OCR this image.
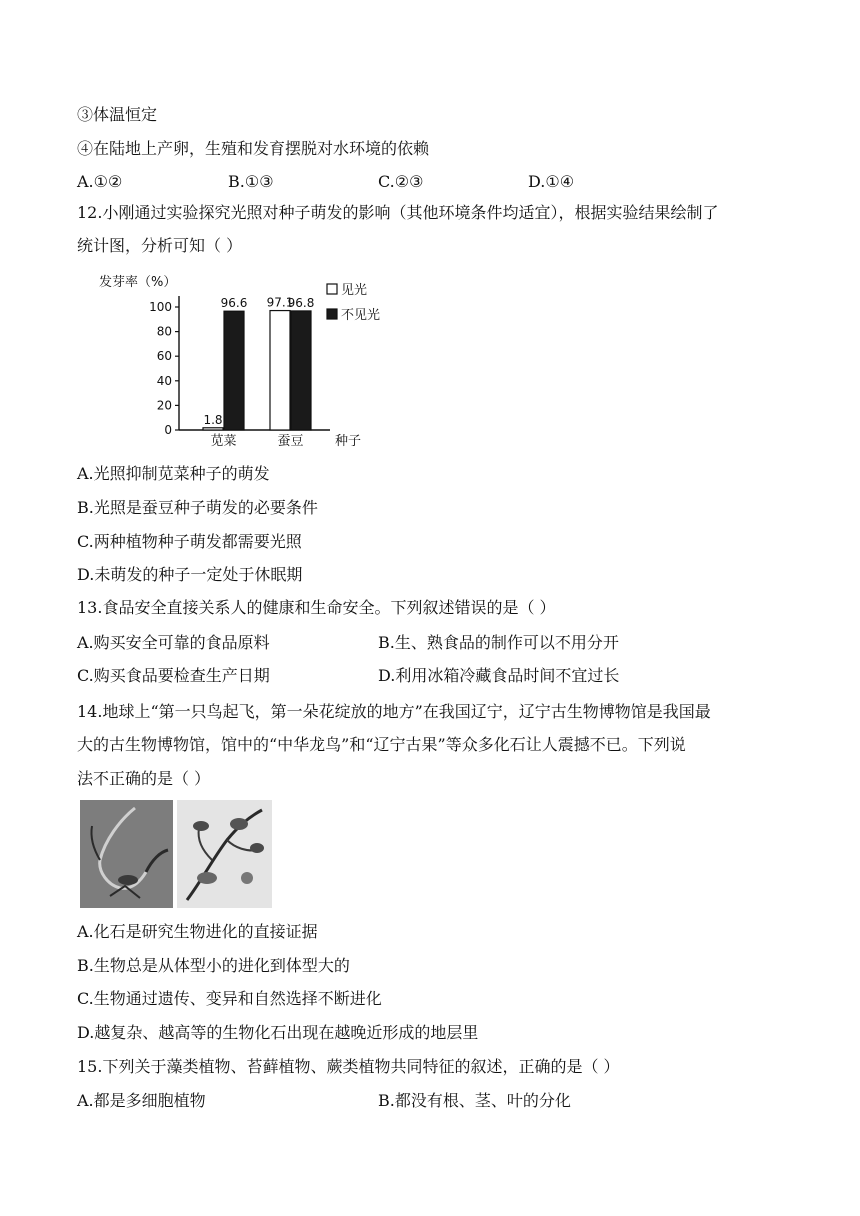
③体温恒定
④在陆地上产卵，生殖和发育摆脱对水环境的依赖
A.①②	B.①③	C.②③	D.①④
12.小刚通过实验探究光照对种子萌发的影响（其他环境条件均适宜），根据实验结果绘制了
统计图，分析可知（ ）
发芽率（%）
0
20
40
60
80
100
1.8
96.6 97.1
96.8
苋菜	蚕豆 种子
见光
不见光
A.光照抑制苋菜种子的萌发
B.光照是蚕豆种子萌发的必要条件
C.两种植物种子萌发都需要光照
D.未萌发的种子一定处于休眠期
13.食品安全直接关系人的健康和生命安全。下列叙述错误的是（ ）
A.购买安全可靠的食品原料	B.生、熟食品的制作可以不用分开
C.购买食品要检查生产日期	D.利用冰箱冷藏食品时间不宜过长
14.地球上“第一只鸟起飞，第一朵花绽放的地方”在我国辽宁，辽宁古生物博物馆是我国最
大的古生物博物馆，馆中的“中华龙鸟”和“辽宁古果”等众多化石让人震撼不已。下列说
法不正确的是（ ）
A.化石是研究生物进化的直接证据
B.生物总是从体型小的进化到体型大的
C.生物通过遗传、变异和自然选择不断进化
D.越复杂、越高等的生物化石出现在越晚近形成的地层里
15.下列关于藻类植物、苔藓植物、蕨类植物共同特征的叙述，正确的是（ ）
A.都是多细胞植物	B.都没有根、茎、叶的分化
